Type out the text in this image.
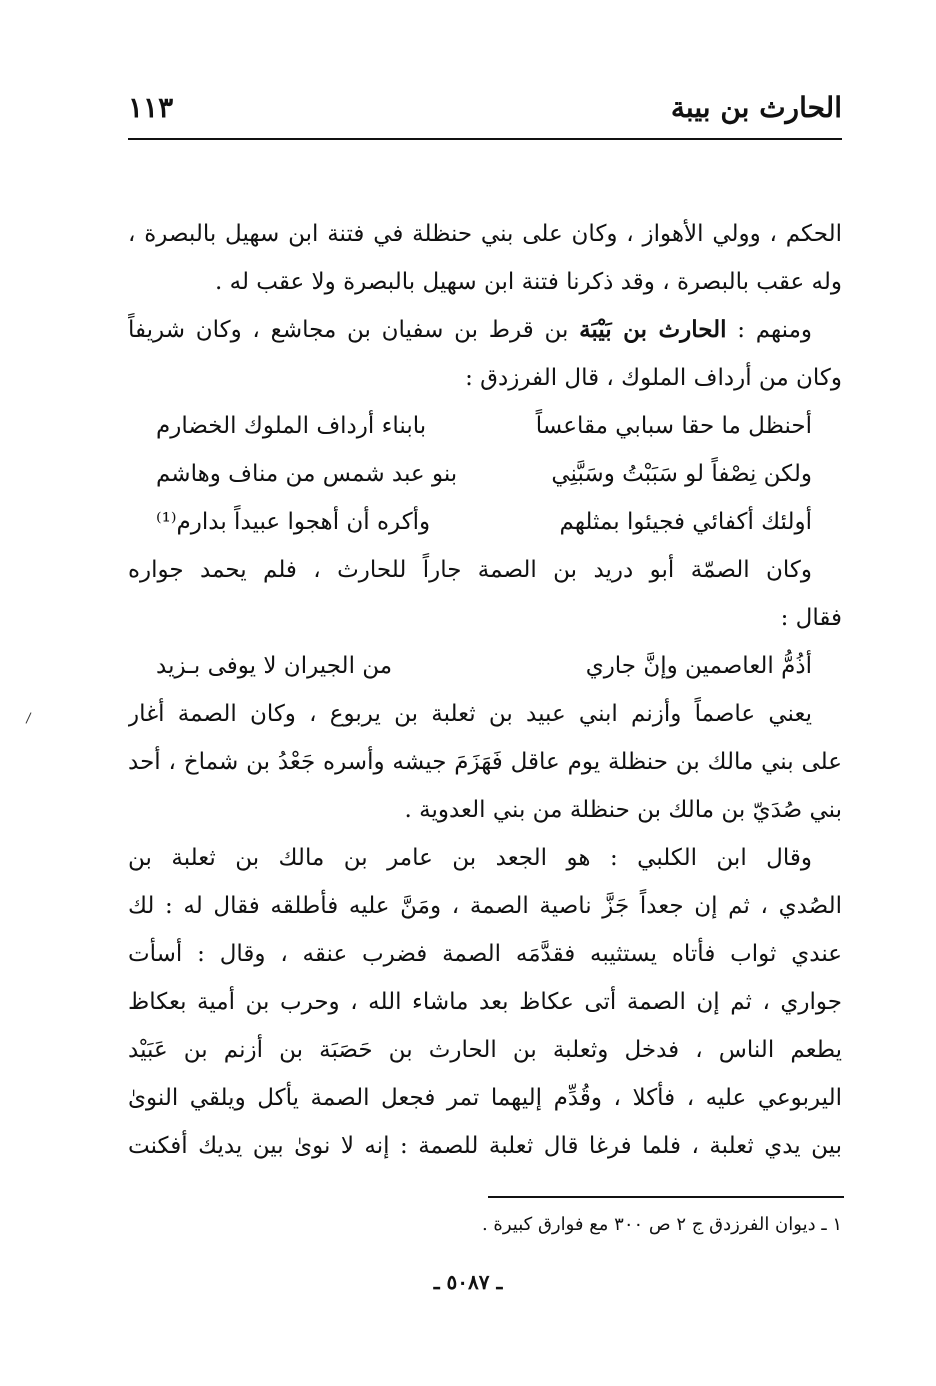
الحارث بن بيبة
١١٣
الحكم ، وولي الأهواز ، وكان على بني حنظلة في فتنة ابن سهيل بالبصرة ،
وله عقب بالبصرة ، وقد ذكرنا فتنة ابن سهيل بالبصرة ولا عقب له .
ومنهم : الحارث بن بَيْبَة بن قرط بن سفيان بن مجاشع ، وكان شريفاً
وكان من أرداف الملوك ، قال الفرزدق :
أحنظل ما حقا سبابي مقاعساً
بابناء أرداف الملوك الخضارم
ولكن نِصْفاً لو سَبَبْتُ وسَبَّنِي
بنو عبد شمس من مناف وهاشم
أولئك أكفائي فجيئوا بمثلهم
وأكره أن أهجوا عبيداً بدارم⁽¹⁾
وكان الصمّة أبو دريد بن الصمة جاراً للحارث ، فلم يحمد جواره
فقال :
أذُمُّ العاصمين وإنَّ جاري
من الجيران لا يوفى بـزيد
يعني عاصماً وأزنم ابني عبيد بن ثعلبة بن يربوع ، وكان الصمة أغار
على بني مالك بن حنظلة يوم عاقل فَهَزَمَ جيشه وأسره جَعْدُ بن شماخ ، أحد
بني صُدَيّ بن مالك بن حنظلة من بني العدوية .
وقال ابن الكلبي : هو الجعد بن عامر بن مالك بن ثعلبة بن
الصُدي ، ثم إن جعداً جَزَّ ناصية الصمة ، ومَنَّ عليه فأطلقه فقال له : لك
عندي ثواب فأتاه يستثيبه فقدَّمَه الصمة فضرب عنقه ، وقال : أسأت
جواري ، ثم إن الصمة أتى عكاظ بعد ماشاء الله ، وحرب بن أمية بعكاظ
يطعم الناس ، فدخل وثعلبة بن الحارث بن حَصَبَة بن أزنم بن عَبَيْد
اليربوعي عليه ، فأكلا ، وقُدِّم إليهما تمر فجعل الصمة يأكل ويلقي النوىٰ
بين يدي ثعلبة ، فلما فرغا قال ثعلبة للصمة : إنه لا نوىٰ بين يديك أفكنت
١ ـ ديوان الفرزدق ج ٢ ص ٣٠٠ مع فوارق كبيرة .
ـ ٥٠٨٧ ـ
